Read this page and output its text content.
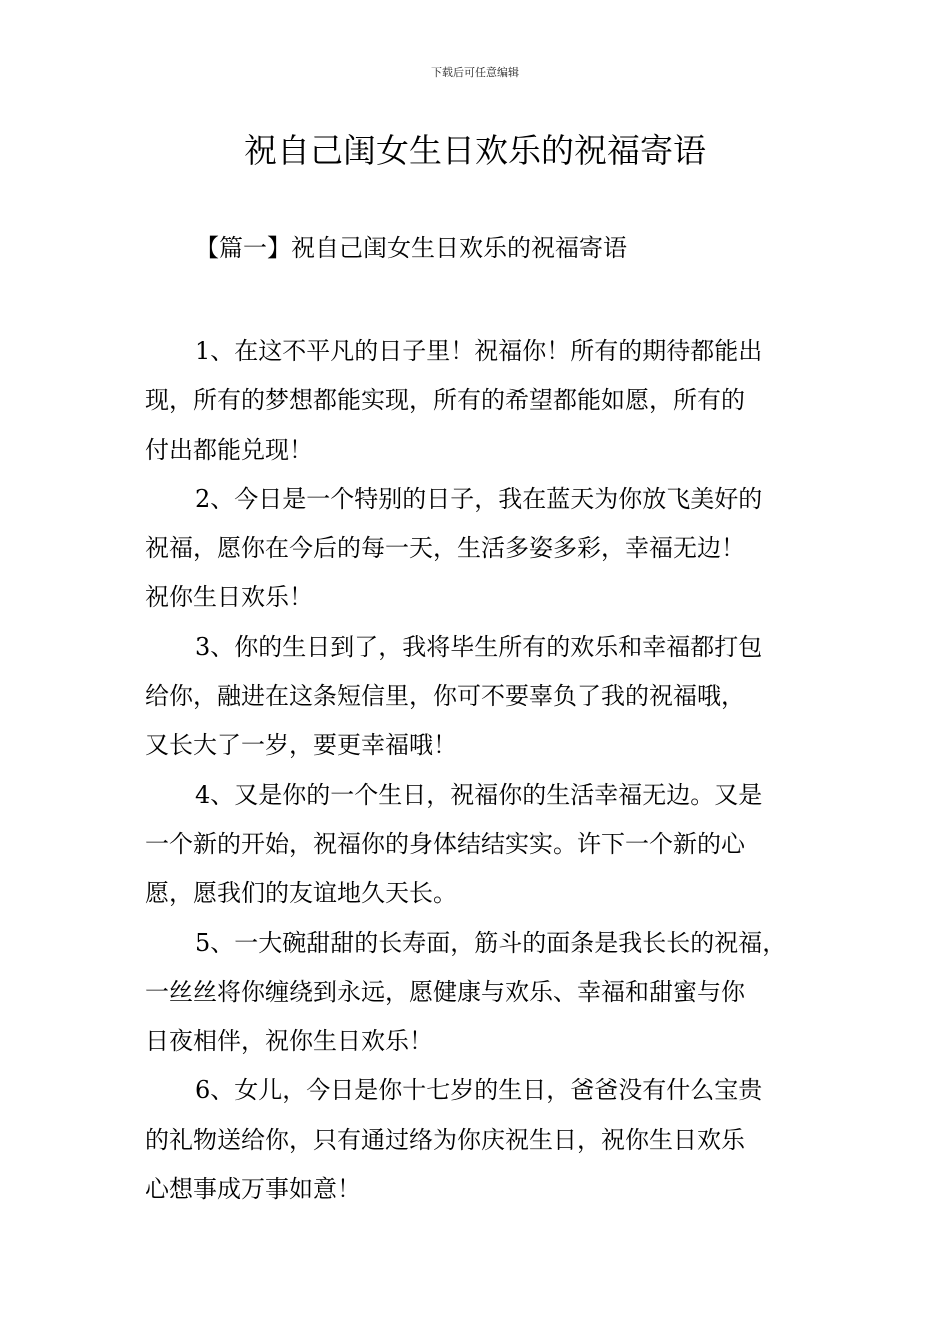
下载后可任意编辑
祝自己闺女生日欢乐的祝福寄语
【篇一】祝自己闺女生日欢乐的祝福寄语

1、在这不平凡的日子里！祝福你！所有的期待都能出
现，所有的梦想都能实现，所有的希望都能如愿，所有的
付出都能兑现！

2、今日是一个特别的日子，我在蓝天为你放飞美好的
祝福，愿你在今后的每一天，生活多姿多彩，幸福无边！
祝你生日欢乐！

3、你的生日到了，我将毕生所有的欢乐和幸福都打包
给你，融进在这条短信里，你可不要辜负了我的祝福哦，
又长大了一岁，要更幸福哦！

4、又是你的一个生日，祝福你的生活幸福无边。又是
一个新的开始，祝福你的身体结结实实。许下一个新的心
愿，愿我们的友谊地久天长。

5、一大碗甜甜的长寿面，筋斗的面条是我长长的祝福，
一丝丝将你缠绕到永远，愿健康与欢乐、幸福和甜蜜与你
日夜相伴，祝你生日欢乐！

6、女儿，今日是你十七岁的生日，爸爸没有什么宝贵
的礼物送给你，只有通过络为你庆祝生日，祝你生日欢乐
心想事成万事如意！
